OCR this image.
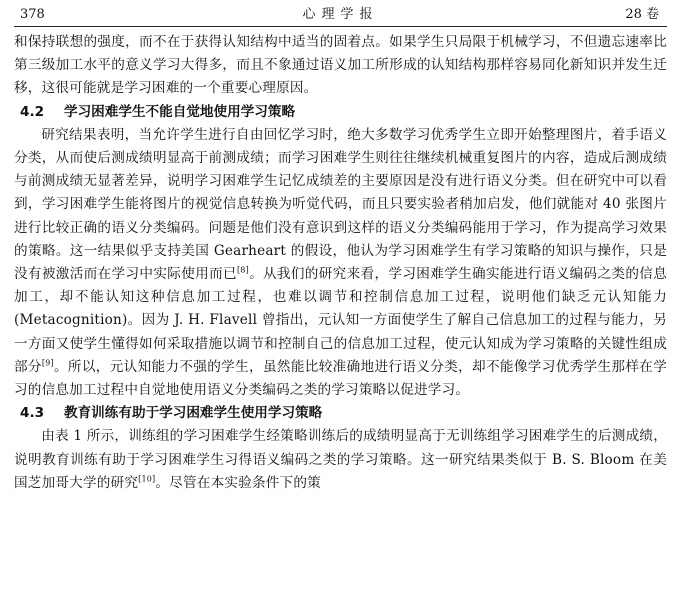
378	心理学报	28 卷

和保持联想的强度，而不在于获得认知结构中适当的固着点。如果学生只局限于机械学习，不但遗忘速率比第三级加工水平的意义学习大得多，而且不象通过语义加工所形成的认知结构那样容易同化新知识并发生迁移，这很可能就是学习困难的一个重要心理原因。

4.2 学习困难学生不能自觉地使用学习策略

研究结果表明，当允许学生进行自由回忆学习时，绝大多数学习优秀学生立即开始整理图片，着手语义分类，从而使后测成绩明显高于前测成绩；而学习困难学生则往往继续机械重复图片的内容，造成后测成绩与前测成绩无显著差异，说明学习困难学生记忆成绩差的主要原因是没有进行语义分类。但在研究中可以看到，学习困难学生能将图片的视觉信息转换为听觉代码，而且只要实验者稍加启发，他们就能对 40 张图片进行比较正确的语义分类编码。问题是他们没有意识到这样的语义分类编码能用于学习，作为提高学习效果的策略。这一结果似乎支持美国 Gearheart 的假设，他认为学习困难学生有学习策略的知识与操作，只是没有被激活而在学习中实际使用而已[8]。从我们的研究来看，学习困难学生确实能进行语义编码之类的信息加工，却不能认知这种信息加工过程，也难以调节和控制信息加工过程，说明他们缺乏元认知能力(Metacognition)。因为 J. H. Flavell 曾指出，元认知一方面使学生了解自己信息加工的过程与能力，另一方面又使学生懂得如何采取措施以调节和控制自己的信息加工过程，使元认知成为学习策略的关键性组成部分[9]。所以，元认知能力不强的学生，虽然能比较准确地进行语义分类，却不能像学习优秀学生那样在学习的信息加工过程中自觉地使用语义分类编码之类的学习策略以促进学习。

4.3 教育训练有助于学习困难学生使用学习策略

由表 1 所示，训练组的学习困难学生经策略训练后的成绩明显高于无训练组学习困难学生的后测成绩，说明教育训练有助于学习困难学生习得语义编码之类的学习策略。这一研究结果类似于 B. S. Bloom 在美国芝加哥大学的研究[10]。尽管在本实验条件下的策
